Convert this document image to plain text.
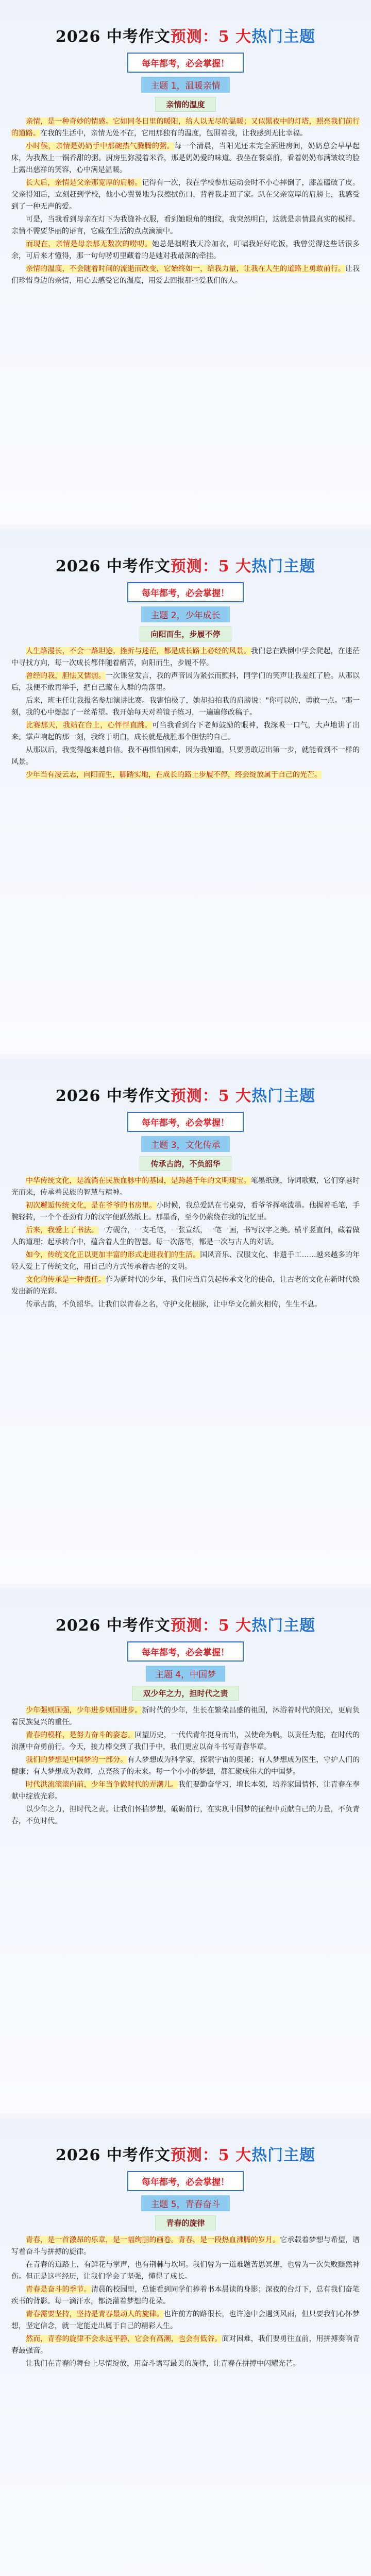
2026 中考作文预测：5 大热门主题
每年都考，必会掌握！
主题 1，温暖亲情
亲情的温度

亲情，是一种奇妙的情感。它如同冬日里的暖阳，给人以无尽的温暖；又似黑夜中的灯塔，照亮我们前行的道路。在我的生活中，亲情无处不在，它用那独有的温度，包围着我，让我感到无比幸福。

小时候，亲情是奶奶手中那碗热气腾腾的粥。每一个清晨，当阳光还未完全洒进房间，奶奶总会早早起床，为我熬上一锅香甜的粥。厨房里弥漫着米香，那是奶奶爱的味道。我坐在餐桌前，看着奶奶布满皱纹的脸上露出慈祥的笑容，心中满是温暖。

长大后，亲情是父亲那宽厚的肩膀。记得有一次，我在学校参加运动会时不小心摔倒了，膝盖磕破了皮。父亲得知后，立刻赶到学校，他小心翼翼地为我擦拭伤口，背着我走回了家。趴在父亲宽厚的肩膀上，我感受到了一种无声的爱。

可是，当我看到母亲在灯下为我缝补衣服，看到她眼角的细纹，我突然明白，这就是亲情最真实的模样。亲情不需要华丽的语言，它藏在生活的点点滴滴中。

而现在，亲情是母亲那无数次的唠叨。她总是嘱咐我天冷加衣，叮嘱我好好吃饭，我曾觉得这些话很多余，可后来才懂得，那一句句唠叨里藏着的是她对我最深的牵挂。

亲情的温度，不会随着时间的流逝而改变，它始终如一，给我力量，让我在人生的道路上勇敢前行。让我们珍惜身边的亲情，用心去感受它的温度，用爱去回报那些爱我们的人。

2026 中考作文预测：5 大热门主题
每年都考，必会掌握！
主题 2，少年成长
向阳而生，步履不停

人生路漫长，不会一路坦途，挫折与迷茫，都是成长路上必经的风景。我们总在跌倒中学会爬起，在迷茫中寻找方向，每一次成长都伴随着痛苦，向阳而生，步履不停。

曾经的我，胆怯又懦弱。一次课堂发言，我的声音因为紧张而颤抖，同学们的笑声让我羞红了脸。从那以后，我便不敢再举手，把自己藏在人群的角落里。

后来，班主任让我报名参加演讲比赛。我害怕极了，她却拍拍我的肩膀说："你可以的，勇敢一点。"那一刻，我的心中燃起了一丝希望。我开始每天对着镜子练习，一遍遍修改稿子。

比赛那天，我站在台上，心怦怦直跳。可当我看到台下老师鼓励的眼神，我深吸一口气，大声地讲了出来。掌声响起的那一刻，我终于明白，成长就是战胜那个胆怯的自己。

从那以后，我变得越来越自信。我不再惧怕困难，因为我知道，只要勇敢迈出第一步，就能看到不一样的风景。

少年当有凌云志，向阳而生，脚踏实地，在成长的路上步履不停，终会绽放属于自己的光芒。

2026 中考作文预测：5 大热门主题
每年都考，必会掌握！
主题 3，文化传承
传承古韵，不负韶华

中华传统文化，是流淌在民族血脉中的基因，是跨越千年的文明瑰宝。笔墨纸砚，诗词歌赋，它们穿越时光而来，传承着民族的智慧与精神。

初次邂逅传统文化，是在爷爷的书房里。小时候，我总爱趴在书桌旁，看爷爷挥毫泼墨。他握着毛笔，手腕轻转，一个个苍劲有力的汉字便跃然纸上。那墨香，至今仍萦绕在我的记忆里。

后来，我爱上了书法。一方砚台，一支毛笔，一张宣纸，一笔一画，书写汉字之美。横平竖直间，藏着做人的道理；起承转合中，蕴含着人生的智慧。每一次落笔，都是一次与古人的对话。

如今，传统文化正以更加丰富的形式走进我们的生活。国风音乐、汉服文化、非遗手工……越来越多的年轻人爱上了传统文化，用自己的方式传承着古老的文明。

文化的传承是一种责任。作为新时代的少年，我们应当肩负起传承文化的使命，让古老的文化在新时代焕发出新的光彩。

传承古韵，不负韶华。让我们以青春之名，守护文化根脉，让中华文化薪火相传，生生不息。

2026 中考作文预测：5 大热门主题
每年都考，必会掌握！
主题 4，中国梦
双少年之力，担时代之责

少年强则国强，少年进步则国进步。新时代的少年，生长在繁荣昌盛的祖国，沐浴着时代的阳光，更肩负着民族复兴的重任。

青春的模样，是努力奋斗的姿态。回望历史，一代代青年挺身而出，以使命为帆，以责任为舵，在时代的浪潮中奋勇前行。今天，接力棒交到了我们手中，我们更应以奋斗书写青春华章。

我们的梦想是中国梦的一部分。有人梦想成为科学家，探索宇宙的奥秘；有人梦想成为医生，守护人们的健康；有人梦想成为教师，点亮孩子的未来。每一个小小的梦想，都汇聚成伟大的中国梦。

时代洪流滚滚向前，少年当争做时代的弄潮儿。我们要勤奋学习，增长本领，培养家国情怀，让青春在奉献中绽放光彩。

以少年之力，担时代之责。让我们怀揣梦想，砥砺前行，在实现中国梦的征程中贡献自己的力量，不负青春，不负时代。

2026 中考作文预测：5 大热门主题
每年都考，必会掌握！
主题 5，青春奋斗
青春的旋律

青春，是一首激昂的乐章，是一幅绚丽的画卷。青春，是一段热血沸腾的岁月。它承载着梦想与希望，谱写着奋斗与拼搏的旋律。

在青春的道路上，有鲜花与掌声，也有荆棘与坎坷。我们曾为一道难题苦思冥想，也曾为一次失败黯然神伤。但正是这些经历，让我们学会了坚强，懂得了成长。

青春是奋斗的季节。清晨的校园里，总能看到同学们捧着书本晨读的身影；深夜的台灯下，总有我们奋笔疾书的背影。每一滴汗水，都浇灌着梦想的花朵。

青春需要坚持，坚持是青春最动人的旋律。也许前方的路很长，也许途中会遇到风雨，但只要我们心怀梦想，坚定信念，就一定能走出属于自己的精彩人生。

然而，青春的旋律不会永远平静，它会有高潮，也会有低谷。面对困难，我们要勇往直前，用拼搏奏响青春最强音。

让我们在青春的舞台上尽情绽放，用奋斗谱写最美的旋律，让青春在拼搏中闪耀光芒。
